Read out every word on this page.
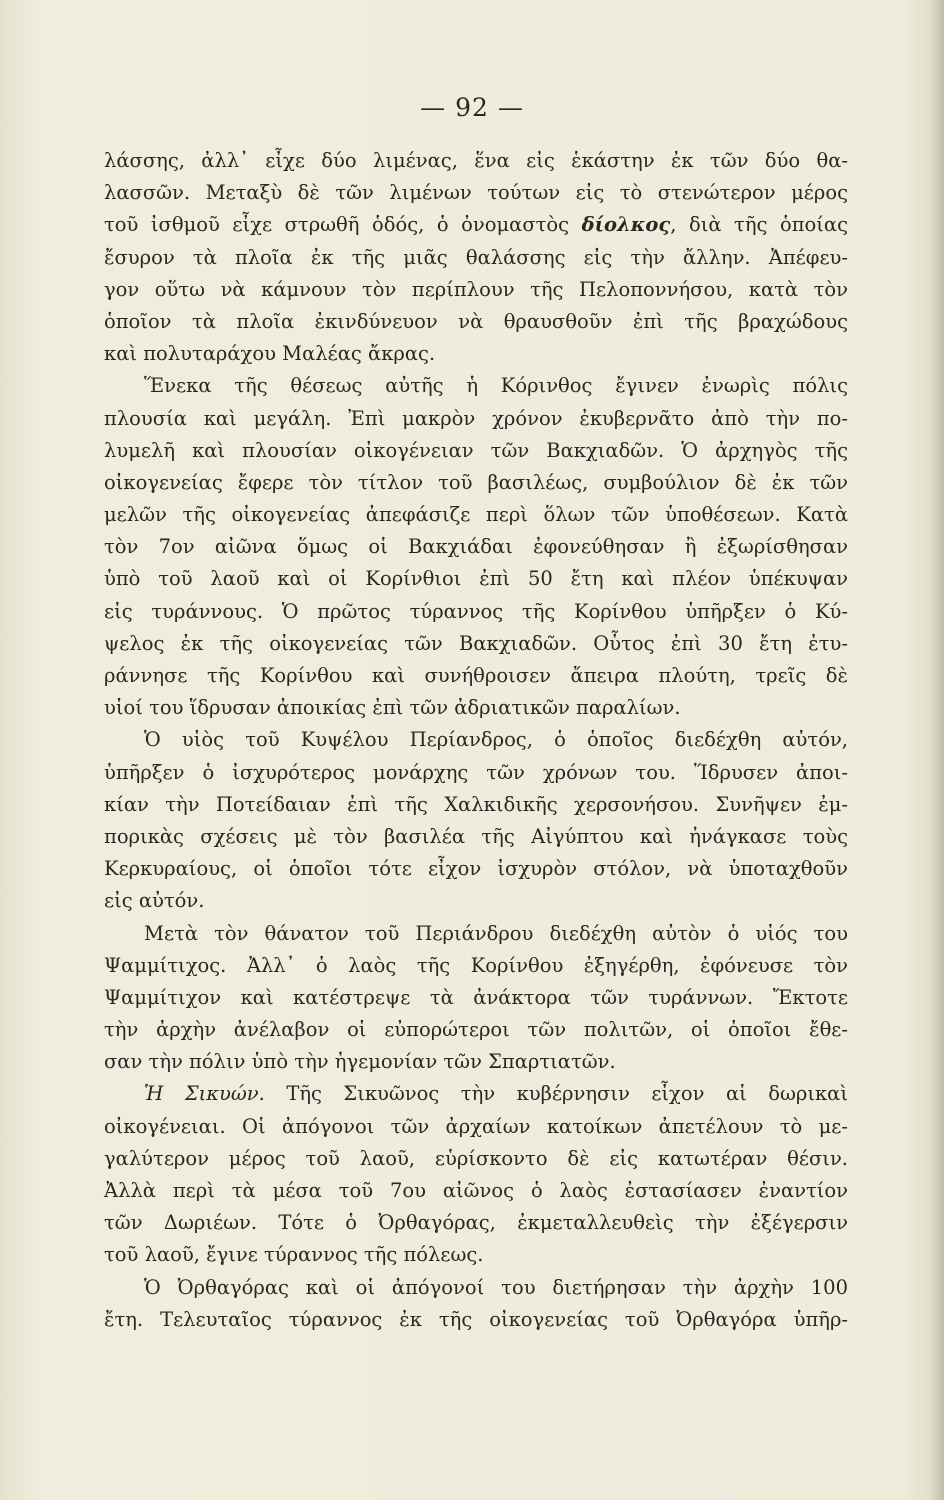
— 92 —
λάσσης, ἀλλ᾽ εἶχε δύο λιμένας, ἕνα εἰς ἑκάστην ἐκ τῶν δύο θα-
λασσῶν. Μεταξὺ δὲ τῶν λιμένων τούτων εἰς τὸ στενώτερον μέρος
τοῦ ἰσθμοῦ εἶχε στρωθῆ ὁδός, ὁ ὀνομαστὸς δίολκος, διὰ τῆς ὁποίας
ἔσυρον τὰ πλοῖα ἐκ τῆς μιᾶς θαλάσσης εἰς τὴν ἄλλην. Ἀπέφευ-
γον οὕτω νὰ κάμνουν τὸν περίπλουν τῆς Πελοποννήσου, κατὰ τὸν
ὁποῖον τὰ πλοῖα ἐκινδύνευον νὰ θραυσθοῦν ἐπὶ τῆς βραχώδους
καὶ πολυταράχου Μαλέας ἄκρας.
Ἕνεκα τῆς θέσεως αὐτῆς ἡ Κόρινθος ἔγινεν ἐνωρὶς πόλις
πλουσία καὶ μεγάλη. Ἐπὶ μακρὸν χρόνον ἐκυβερνᾶτο ἀπὸ τὴν πο-
λυμελῆ καὶ πλουσίαν οἰκογένειαν τῶν Βακχιαδῶν. Ὁ ἀρχηγὸς τῆς
οἰκογενείας ἔφερε τὸν τίτλον τοῦ βασιλέως, συμβούλιον δὲ ἐκ τῶν
μελῶν τῆς οἰκογενείας ἀπεφάσιζε περὶ ὅλων τῶν ὑποθέσεων. Κατὰ
τὸν 7ον αἰῶνα ὅμως οἱ Βακχιάδαι ἐφονεύθησαν ἢ ἐξωρίσθησαν
ὑπὸ τοῦ λαοῦ καὶ οἱ Κορίνθιοι ἐπὶ 50 ἔτη καὶ πλέον ὑπέκυψαν
εἰς τυράννους. Ὁ πρῶτος τύραννος τῆς Κορίνθου ὑπῆρξεν ὁ Κύ-
ψελος ἐκ τῆς οἰκογενείας τῶν Βακχιαδῶν. Οὗτος ἐπὶ 30 ἔτη ἐτυ-
ράννησε τῆς Κορίνθου καὶ συνήθροισεν ἄπειρα πλούτη, τρεῖς δὲ
υἱοί του ἵδρυσαν ἀποικίας ἐπὶ τῶν ἀδριατικῶν παραλίων.
Ὁ υἱὸς τοῦ Κυψέλου Περίανδρος, ὁ ὁποῖος διεδέχθη αὐτόν,
ὑπῆρξεν ὁ ἰσχυρότερος μονάρχης τῶν χρόνων του. Ἵδρυσεν ἀποι-
κίαν τὴν Ποτείδαιαν ἐπὶ τῆς Χαλκιδικῆς χερσονήσου. Συνῆψεν ἐμ-
πορικὰς σχέσεις μὲ τὸν βασιλέα τῆς Αἰγύπτου καὶ ἠνάγκασε τοὺς
Κερκυραίους, οἱ ὁποῖοι τότε εἶχον ἰσχυρὸν στόλον, νὰ ὑποταχθοῦν
εἰς αὐτόν.
Μετὰ τὸν θάνατον τοῦ Περιάνδρου διεδέχθη αὐτὸν ὁ υἱός του
Ψαμμίτιχος. Ἀλλ᾽ ὁ λαὸς τῆς Κορίνθου ἐξηγέρθη, ἐφόνευσε τὸν
Ψαμμίτιχον καὶ κατέστρεψε τὰ ἀνάκτορα τῶν τυράννων. Ἔκτοτε
τὴν ἀρχὴν ἀνέλαβον οἱ εὐπορώτεροι τῶν πολιτῶν, οἱ ὁποῖοι ἔθε-
σαν τὴν πόλιν ὑπὸ τὴν ἡγεμονίαν τῶν Σπαρτιατῶν.
Ἡ Σικυών. Τῆς Σικυῶνος τὴν κυβέρνησιν εἶχον αἱ δωρικαὶ
οἰκογένειαι. Οἱ ἀπόγονοι τῶν ἀρχαίων κατοίκων ἀπετέλουν τὸ με-
γαλύτερον μέρος τοῦ λαοῦ, εὑρίσκοντο δὲ εἰς κατωτέραν θέσιν.
Ἀλλὰ περὶ τὰ μέσα τοῦ 7ου αἰῶνος ὁ λαὸς ἐστασίασεν ἐναντίον
τῶν Δωριέων. Τότε ὁ Ὀρθαγόρας, ἐκμεταλλευθεὶς τὴν ἐξέγερσιν
τοῦ λαοῦ, ἔγινε τύραννος τῆς πόλεως.
Ὁ Ὀρθαγόρας καὶ οἱ ἀπόγονοί του διετήρησαν τὴν ἀρχὴν 100
ἔτη. Τελευταῖος τύραννος ἐκ τῆς οἰκογενείας τοῦ Ὀρθαγόρα ὑπῆρ-
